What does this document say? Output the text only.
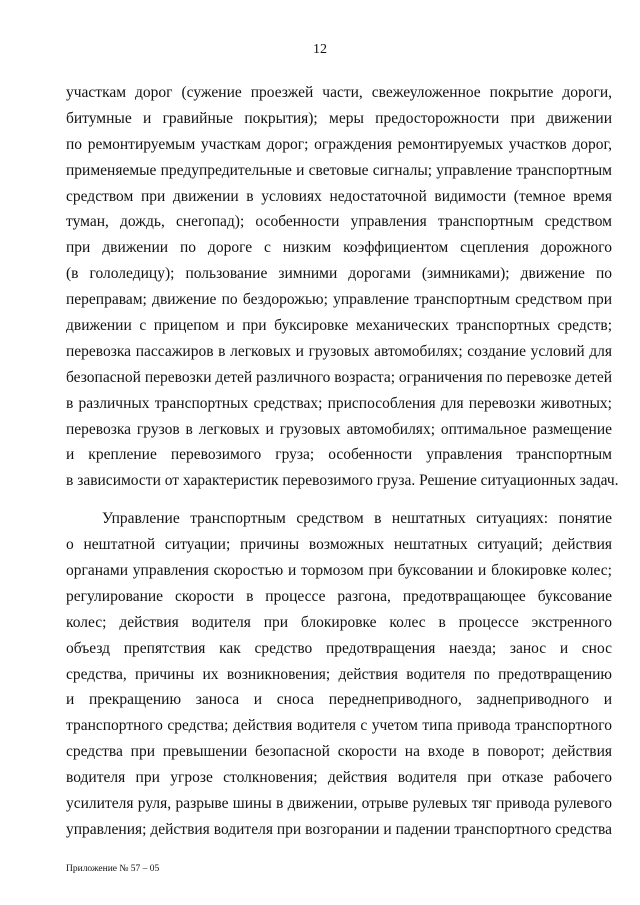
12
участкам дорог (сужение проезжей части, свежеуложенное покрытие дороги,
битумные и гравийные покрытия); меры предосторожности при движении
по ремонтируемым участкам дорог; ограждения ремонтируемых участков дорог,
применяемые предупредительные и световые сигналы; управление транспортным
средством при движении в условиях недостаточной видимости (темное время
туман, дождь, снегопад); особенности управления транспортным средством
при движении по дороге с низким коэффициентом сцепления дорожного
(в гололедицу); пользование зимними дорогами (зимниками); движение по
переправам; движение по бездорожью; управление транспортным средством при
движении с прицепом и при буксировке механических транспортных средств;
перевозка пассажиров в легковых и грузовых автомобилях; создание условий для
безопасной перевозки детей различного возраста; ограничения по перевозке детей
в различных транспортных средствах; приспособления для перевозки животных;
перевозка грузов в легковых и грузовых автомобилях; оптимальное размещение
и крепление перевозимого груза; особенности управления транспортным
в зависимости от характеристик перевозимого груза. Решение ситуационных задач.
Управление транспортным средством в нештатных ситуациях: понятие
о нештатной ситуации; причины возможных нештатных ситуаций; действия
органами управления скоростью и тормозом при буксовании и блокировке колес;
регулирование скорости в процессе разгона, предотвращающее буксование
колес; действия водителя при блокировке колес в процессе экстренного
объезд препятствия как средство предотвращения наезда; занос и снос
средства, причины их возникновения; действия водителя по предотвращению
и прекращению заноса и сноса переднеприводного, заднеприводного и
транспортного средства; действия водителя с учетом типа привода транспортного
средства при превышении безопасной скорости на входе в поворот; действия
водителя при угрозе столкновения; действия водителя при отказе рабочего
усилителя руля, разрыве шины в движении, отрыве рулевых тяг привода рулевого
управления; действия водителя при возгорании и падении транспортного средства
Приложение № 57 – 05
